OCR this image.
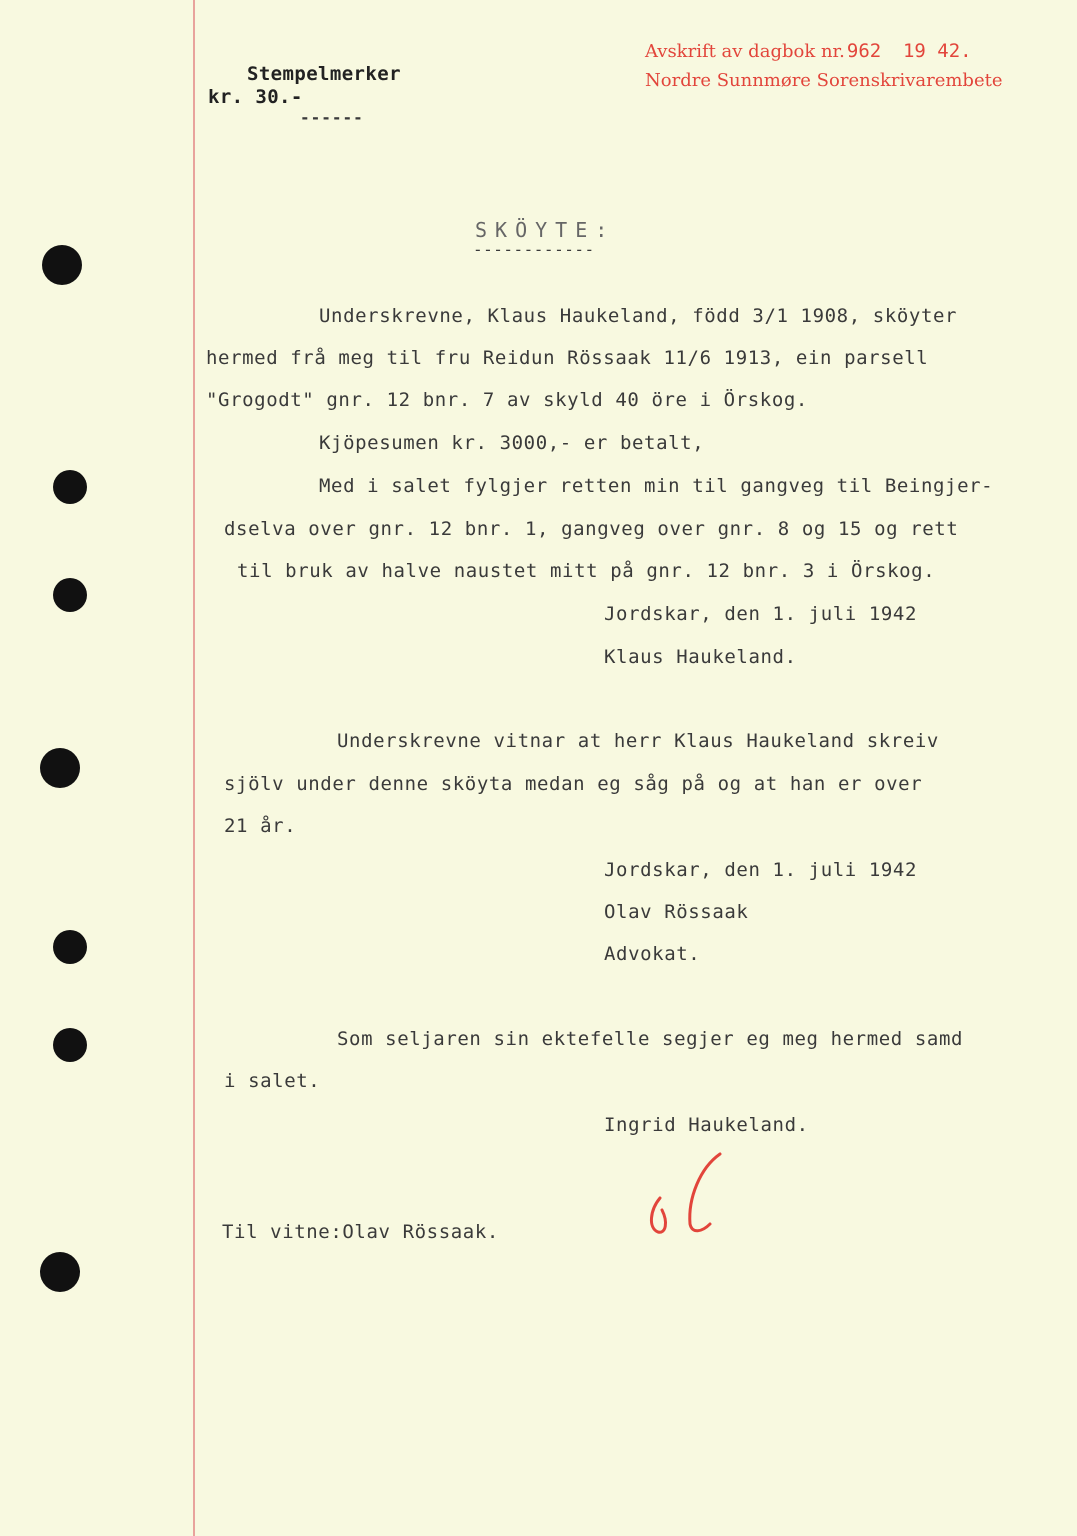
Stempelmerker
kr. 30.-
------
Avskrift av dagbok nr. 962 19 42.
Nordre Sunnmøre Sorenskrivarembete
SKÖYTE:
------------
Underskrevne, Klaus Haukeland, född 3/1 1908, sköyter
hermed frå meg til fru Reidun Rössaak 11/6 1913, ein parsell
"Grogodt" gnr. 12 bnr. 7 av skyld 40 öre i Örskog.
Kjöpesumen kr. 3000,- er betalt,
Med i salet fylgjer retten min til gangveg til Beingjer-
dselva over gnr. 12 bnr. 1, gangveg over gnr. 8 og 15 og rett
til bruk av halve naustet mitt på gnr. 12 bnr. 3 i Örskog.
Jordskar, den 1. juli 1942
Klaus Haukeland.
Underskrevne vitnar at herr Klaus Haukeland skreiv
sjölv under denne sköyta medan eg såg på og at han er over
21 år.
Jordskar, den 1. juli 1942
Olav Rössaak
Advokat.
Som seljaren sin ektefelle segjer eg meg hermed samd
i salet.
Ingrid Haukeland.
Til vitne:Olav Rössaak.
